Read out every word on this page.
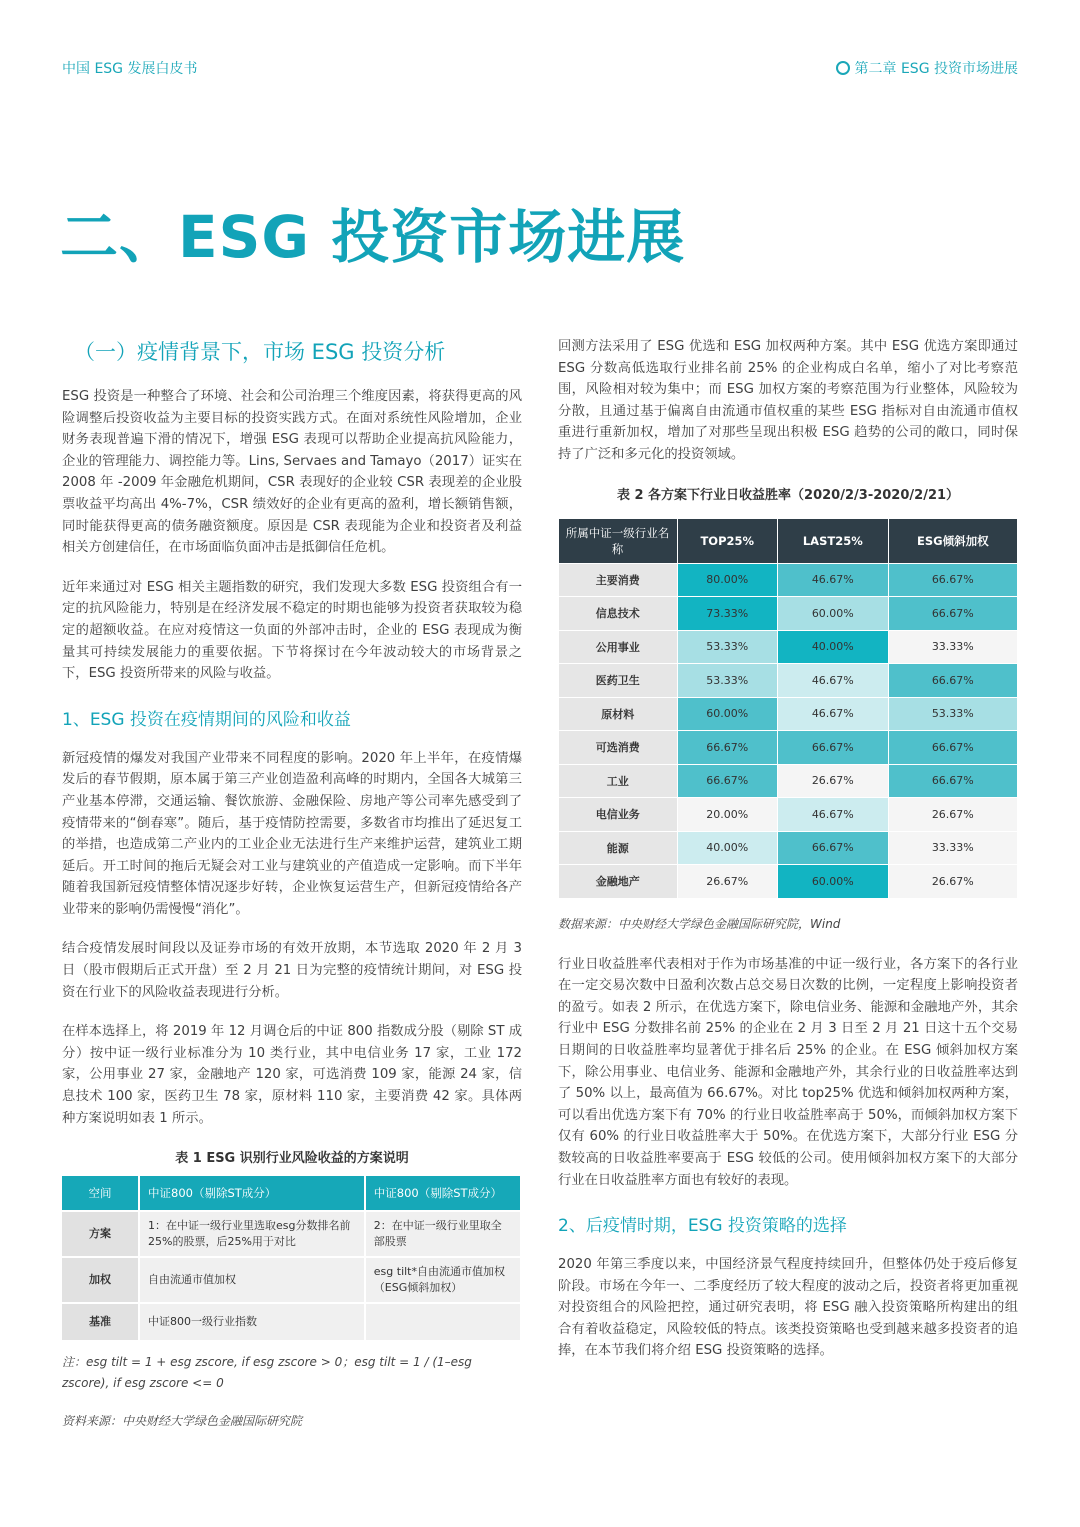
中国 ESG 发展白皮书	第二章 ESG 投资市场进展
二、ESG 投资市场进展
（一）疫情背景下，市场 ESG 投资分析

ESG 投资是一种整合了环境、社会和公司治理三个维度因素，将获得更高的风险调整后投资收益为主要目标的投资实践方式。在面对系统性风险增加，企业财务表现普遍下滑的情况下，增强 ESG 表现可以帮助企业提高抗风险能力，企业的管理能力、调控能力等。Lins, Servaes and Tamayo（2017）证实在 2008 年 -2009 年金融危机期间，CSR 表现好的企业较 CSR 表现差的企业股票收益平均高出 4%-7%，CSR 绩效好的企业有更高的盈利，增长额销售额，同时能获得更高的债务融资额度。原因是 CSR 表现能为企业和投资者及利益相关方创建信任，在市场面临负面冲击是抵御信任危机。

近年来通过对 ESG 相关主题指数的研究，我们发现大多数 ESG 投资组合有一定的抗风险能力，特别是在经济发展不稳定的时期也能够为投资者获取较为稳定的超额收益。在应对疫情这一负面的外部冲击时，企业的 ESG 表现成为衡量其可持续发展能力的重要依据。下节将探讨在今年波动较大的市场背景之下，ESG 投资所带来的风险与收益。

1、ESG 投资在疫情期间的风险和收益

新冠疫情的爆发对我国产业带来不同程度的影响。2020 年上半年，在疫情爆发后的春节假期，原本属于第三产业创造盈利高峰的时期内，全国各大城第三产业基本停滞，交通运输、餐饮旅游、金融保险、房地产等公司率先感受到了疫情带来的“倒春寒”。随后，基于疫情防控需要，多数省市均推出了延迟复工的举措，也造成第二产业内的工业企业无法进行生产来维护运营，建筑业工期延后。开工时间的拖后无疑会对工业与建筑业的产值造成一定影响。而下半年随着我国新冠疫情整体情况逐步好转，企业恢复运营生产，但新冠疫情给各产业带来的影响仍需慢慢“消化”。

结合疫情发展时间段以及证券市场的有效开放期，本节选取 2020 年 2 月 3 日（股市假期后正式开盘）至 2 月 21 日为完整的疫情统计期间，对 ESG 投资在行业下的风险收益表现进行分析。

在样本选择上，将 2019 年 12 月调仓后的中证 800 指数成分股（剔除 ST 成分）按中证一级行业标准分为 10 类行业，其中电信业务 17 家，工业 172 家，公用事业 27 家，金融地产 120 家，可选消费 109 家，能源 24 家，信息技术 100 家，医药卫生 78 家，原材料 110 家，主要消费 42 家。具体两种方案说明如表 1 所示。

表 1 ESG 识别行业风险收益的方案说明
空间	中证800（剔除ST成分）	中证800（剔除ST成分）
方案	1：在中证一级行业里选取esg分数排名前25%的股票，后25%用于对比	2：在中证一级行业里取全部股票
加权	自由流通市值加权	esg tilt*自由流通市值加权（ESG倾斜加权）
基准	中证800一级行业指数	
注：esg tilt = 1 + esg zscore, if esg zscore > 0；esg tilt = 1 / (1–esg zscore), if esg zscore <= 0
资料来源：中央财经大学绿色金融国际研究院

回测方法采用了 ESG 优选和 ESG 加权两种方案。其中 ESG 优选方案即通过 ESG 分数高低选取行业排名前 25% 的企业构成白名单，缩小了对比考察范围，风险相对较为集中；而 ESG 加权方案的考察范围为行业整体，风险较为分散，且通过基于偏离自由流通市值权重的某些 ESG 指标对自由流通市值权重进行重新加权，增加了对那些呈现出积极 ESG 趋势的公司的敞口，同时保持了广泛和多元化的投资领域。

表 2 各方案下行业日收益胜率（2020/2/3-2020/2/21）
所属中证一级行业名称	TOP25%	LAST25%	ESG倾斜加权
主要消费	80.00%	46.67%	66.67%
信息技术	73.33%	60.00%	66.67%
公用事业	53.33%	40.00%	33.33%
医药卫生	53.33%	46.67%	66.67%
原材料	60.00%	46.67%	53.33%
可选消费	66.67%	66.67%	66.67%
工业	66.67%	26.67%	66.67%
电信业务	20.00%	46.67%	26.67%
能源	40.00%	66.67%	33.33%
金融地产	26.67%	60.00%	26.67%
数据来源：中央财经大学绿色金融国际研究院，Wind

行业日收益胜率代表相对于作为市场基准的中证一级行业，各方案下的各行业在一定交易次数中日盈利次数占总交易日次数的比例，一定程度上影响投资者的盈亏。如表 2 所示，在优选方案下，除电信业务、能源和金融地产外，其余行业中 ESG 分数排名前 25% 的企业在 2 月 3 日至 2 月 21 日这十五个交易日期间的日收益胜率均显著优于排名后 25% 的企业。在 ESG 倾斜加权方案下，除公用事业、电信业务、能源和金融地产外，其余行业的日收益胜率达到了 50% 以上，最高值为 66.67%。对比 top25% 优选和倾斜加权两种方案，可以看出优选方案下有 70% 的行业日收益胜率高于 50%，而倾斜加权方案下仅有 60% 的行业日收益胜率大于 50%。在优选方案下，大部分行业 ESG 分数较高的日收益胜率要高于 ESG 较低的公司。使用倾斜加权方案下的大部分行业在日收益胜率方面也有较好的表现。

2、后疫情时期，ESG 投资策略的选择

2020 年第三季度以来，中国经济景气程度持续回升，但整体仍处于疫后修复阶段。市场在今年一、二季度经历了较大程度的波动之后，投资者将更加重视对投资组合的风险把控，通过研究表明，将 ESG 融入投资策略所构建出的组合有着收益稳定，风险较低的特点。该类投资策略也受到越来越多投资者的追捧，在本节我们将介绍 ESG 投资策略的选择。
